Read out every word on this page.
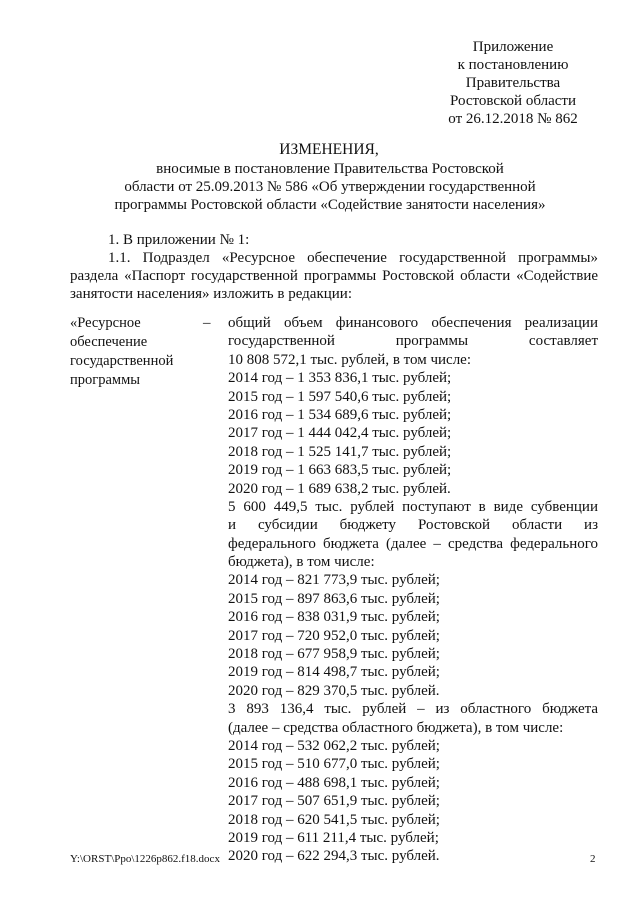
Приложение
к постановлению
Правительства
Ростовской области
от 26.12.2018 № 862
ИЗМЕНЕНИЯ,
вносимые в постановление Правительства Ростовской
области от 25.09.2013 № 586 «Об утверждении государственной
программы Ростовской области «Содействие занятости населения»
1. В приложении № 1:
1.1. Подраздел «Ресурсное обеспечение государственной программы»
раздела «Паспорт государственной программы Ростовской области «Содействие
занятости населения» изложить в редакции:
«Ресурсное
обеспечение
государственной
программы
– общий объем финансового обеспечения реализации
государственной программы составляет
10 808 572,1 тыс. рублей, в том числе:
2014 год – 1 353 836,1 тыс. рублей;
2015 год – 1 597 540,6 тыс. рублей;
2016 год – 1 534 689,6 тыс. рублей;
2017 год – 1 444 042,4 тыс. рублей;
2018 год – 1 525 141,7 тыс. рублей;
2019 год – 1 663 683,5 тыс. рублей;
2020 год – 1 689 638,2 тыс. рублей.
5 600 449,5 тыс. рублей поступают в виде субвенции
и субсидии бюджету Ростовской области из
федерального бюджета (далее – средства федерального
бюджета), в том числе:
2014 год – 821 773,9 тыс. рублей;
2015 год – 897 863,6 тыс. рублей;
2016 год – 838 031,9 тыс. рублей;
2017 год – 720 952,0 тыс. рублей;
2018 год – 677 958,9 тыс. рублей;
2019 год – 814 498,7 тыс. рублей;
2020 год – 829 370,5 тыс. рублей.
3 893 136,4 тыс. рублей – из областного бюджета
(далее – средства областного бюджета), в том числе:
2014 год – 532 062,2 тыс. рублей;
2015 год – 510 677,0 тыс. рублей;
2016 год – 488 698,1 тыс. рублей;
2017 год – 507 651,9 тыс. рублей;
2018 год – 620 541,5 тыс. рублей;
2019 год – 611 211,4 тыс. рублей;
2020 год – 622 294,3 тыс. рублей.
Y:\ORST\Ppo\1226p862.f18.docx	2
